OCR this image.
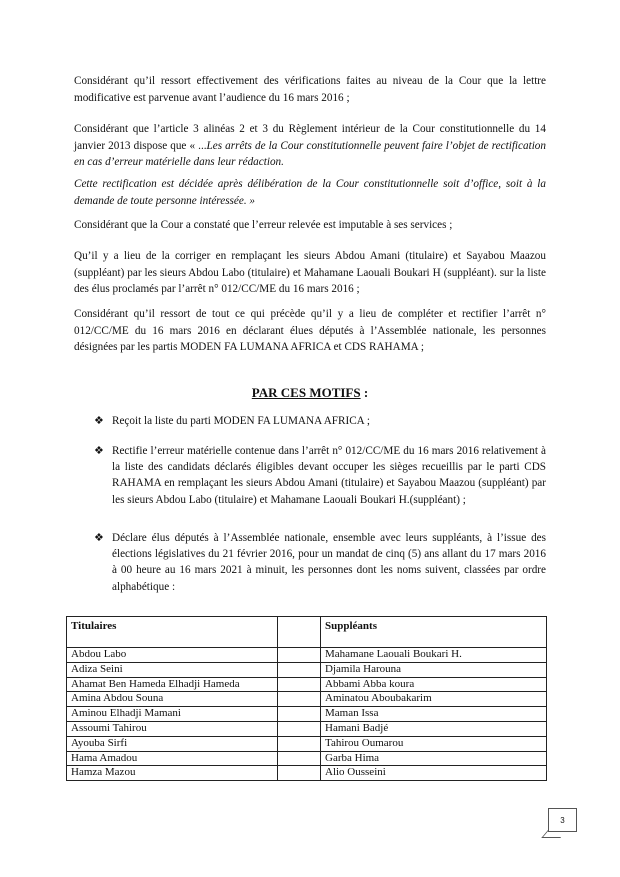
Considérant qu’il ressort effectivement des vérifications faites au niveau de la Cour que la lettre modificative est parvenue avant l’audience du 16 mars 2016 ;

Considérant que l’article 3 alinéas 2 et 3 du Règlement intérieur de la Cour constitutionnelle du 14 janvier 2013 dispose que « ...Les arrêts de la Cour constitutionnelle peuvent faire l’objet de rectification en cas d’erreur matérielle dans leur rédaction.

Cette rectification est décidée après délibération de la Cour constitutionnelle soit d’office, soit à la demande de toute personne intéressée. »

Considérant que la Cour a constaté que l’erreur relevée est imputable à ses services ;

Qu’il y a lieu de la corriger en remplaçant les sieurs Abdou Amani (titulaire) et Sayabou Maazou (suppléant) par les sieurs Abdou Labo (titulaire) et Mahamane Laouali Boukari H (suppléant). sur la liste des élus proclamés par l’arrêt n° 012/CC/ME du 16 mars 2016 ;

Considérant qu’il ressort de tout ce qui précède qu’il y a lieu de compléter et rectifier l’arrêt n° 012/CC/ME du 16 mars 2016 en déclarant élues députés à l’Assemblée nationale, les personnes désignées par les partis MODEN FA LUMANA AFRICA et CDS RAHAMA ;

PAR CES MOTIFS :
❖ Reçoit la liste du parti MODEN FA LUMANA AFRICA ;
❖ Rectifie l’erreur matérielle contenue dans l’arrêt n° 012/CC/ME du 16 mars 2016 relativement à la liste des candidats déclarés éligibles devant occuper les sièges recueillis par le parti CDS RAHAMA en remplaçant les sieurs Abdou Amani (titulaire) et Sayabou Maazou (suppléant) par les sieurs Abdou Labo (titulaire) et Mahamane Laouali Boukari H.(suppléant) ;
❖ Déclare élus députés à l’Assemblée nationale, ensemble avec leurs suppléants, à l’issue des élections législatives du 21 février 2016, pour un mandat de cinq (5) ans allant du 17 mars 2016 à 00 heure au 16 mars 2021 à minuit, les personnes dont les noms suivent, classées par ordre alphabétique :
Titulaires		Suppléants
Abdou Labo		Mahamane Laouali Boukari H.
Adiza Seini		Djamila Harouna
Ahamat Ben Hameda Elhadji Hameda		Abbami Abba koura
Amina Abdou Souna		Aminatou Aboubakarim
Aminou Elhadji Mamani		Maman Issa
Assoumi Tahirou		Hamani Badjé
Ayouba Sirfi		Tahirou Oumarou
Hama Amadou		Garba Hima
Hamza Mazou		Alio Ousseini
3
